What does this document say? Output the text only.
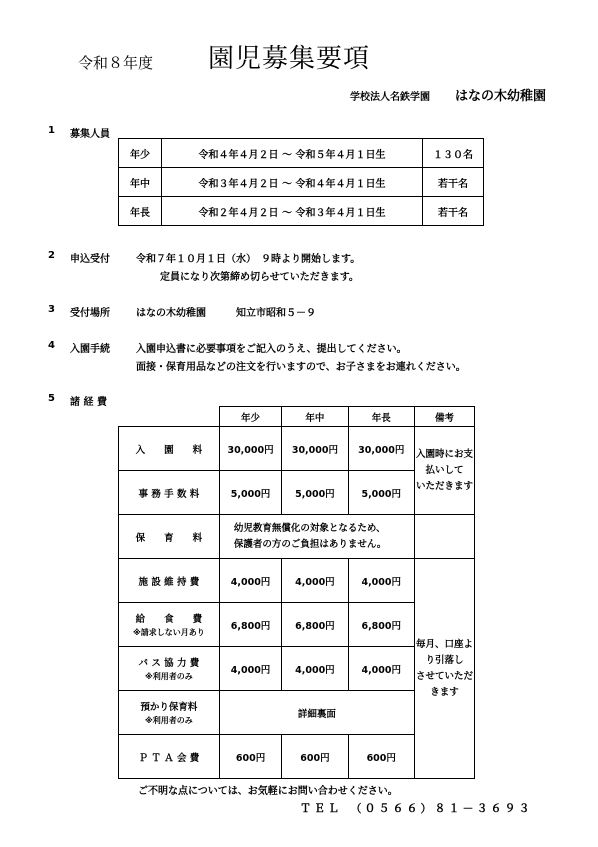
令和８年度 園児募集要項
学校法人名鉄学園 はなの木幼稚園
1 募集人員
年少	令和４年４月２日 ～ 令和５年４月１日生	１３０名
年中	令和３年４月２日 ～ 令和４年４月１日生	若干名
年長	令和２年４月２日 ～ 令和３年４月１日生	若干名
2 申込受付	令和７年１０月１日（水）　９時より開始します。
定員になり次第締め切らせていただきます。
3 受付場所	はなの木幼稚園	知立市昭和５－９
4 入園手続	入園申込書に必要事項をご記入のうえ、提出してください。
面接・保育用品などの注文を行いますので、お子さまをお連れください。
5 諸 経 費
	年少	年中	年長	備考
入　　園　　料	30,000円	30,000円	30,000円	入園時にお支払いして
いただきます
事 務 手 数 料	5,000円	5,000円	5,000円	
保　　育　　料	幼児教育無償化の対象となるため、
保護者の方のご負担はありません。			
施 設 維 持 費	4,000円	4,000円	4,000円	毎月、口座より引落し
させていただきます
給　　食　　費
※請求しない月あり	6,800円	6,800円	6,800円	
バ ス 協 力 費
※利用者のみ	4,000円	4,000円	4,000円	
預かり保育料
※利用者のみ	詳細裏面			
Ｐ Ｔ Ａ 会 費	600円	600円	600円	
ご不明な点については、お気軽にお問い合わせください。
ＴＥＬ　（０５６６）８１－３６９３
